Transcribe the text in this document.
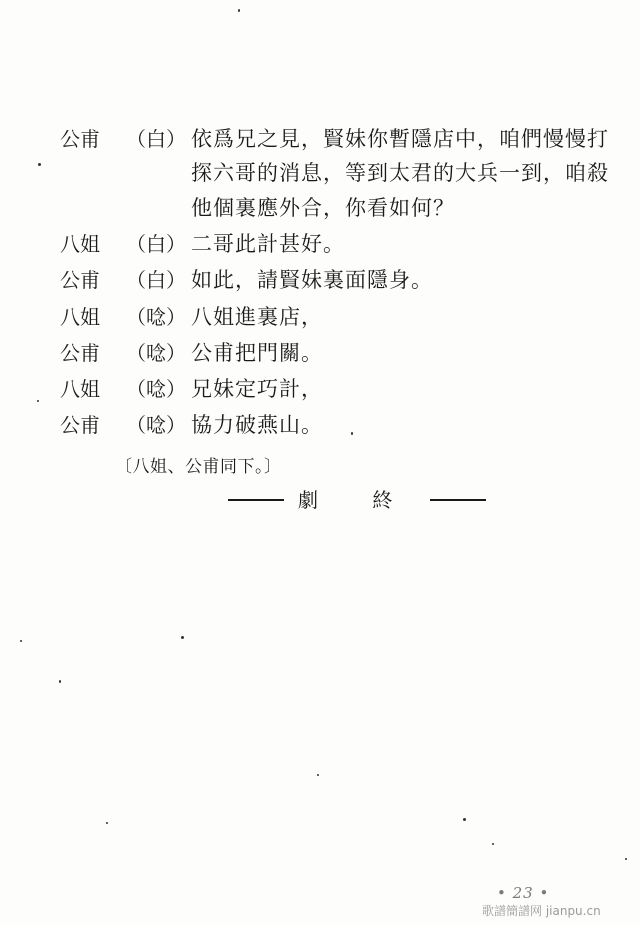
公甫 （白） 依爲兄之見，賢妹你暫隱店中，咱們慢慢打
探六哥的消息，等到太君的大兵一到，咱殺
他個裏應外合，你看如何？
八姐 （白） 二哥此計甚好。
公甫 （白） 如此，請賢妹裏面隱身。
八姐 （唸） 八姐進裏店，
公甫 （唸） 公甫把門關。
八姐 （唸） 兄妹定巧計，
公甫 （唸） 協力破燕山。
〔八姐、公甫同下。〕
劇 終
• 23 •
歌譜簡譜网 jianpu.cn
